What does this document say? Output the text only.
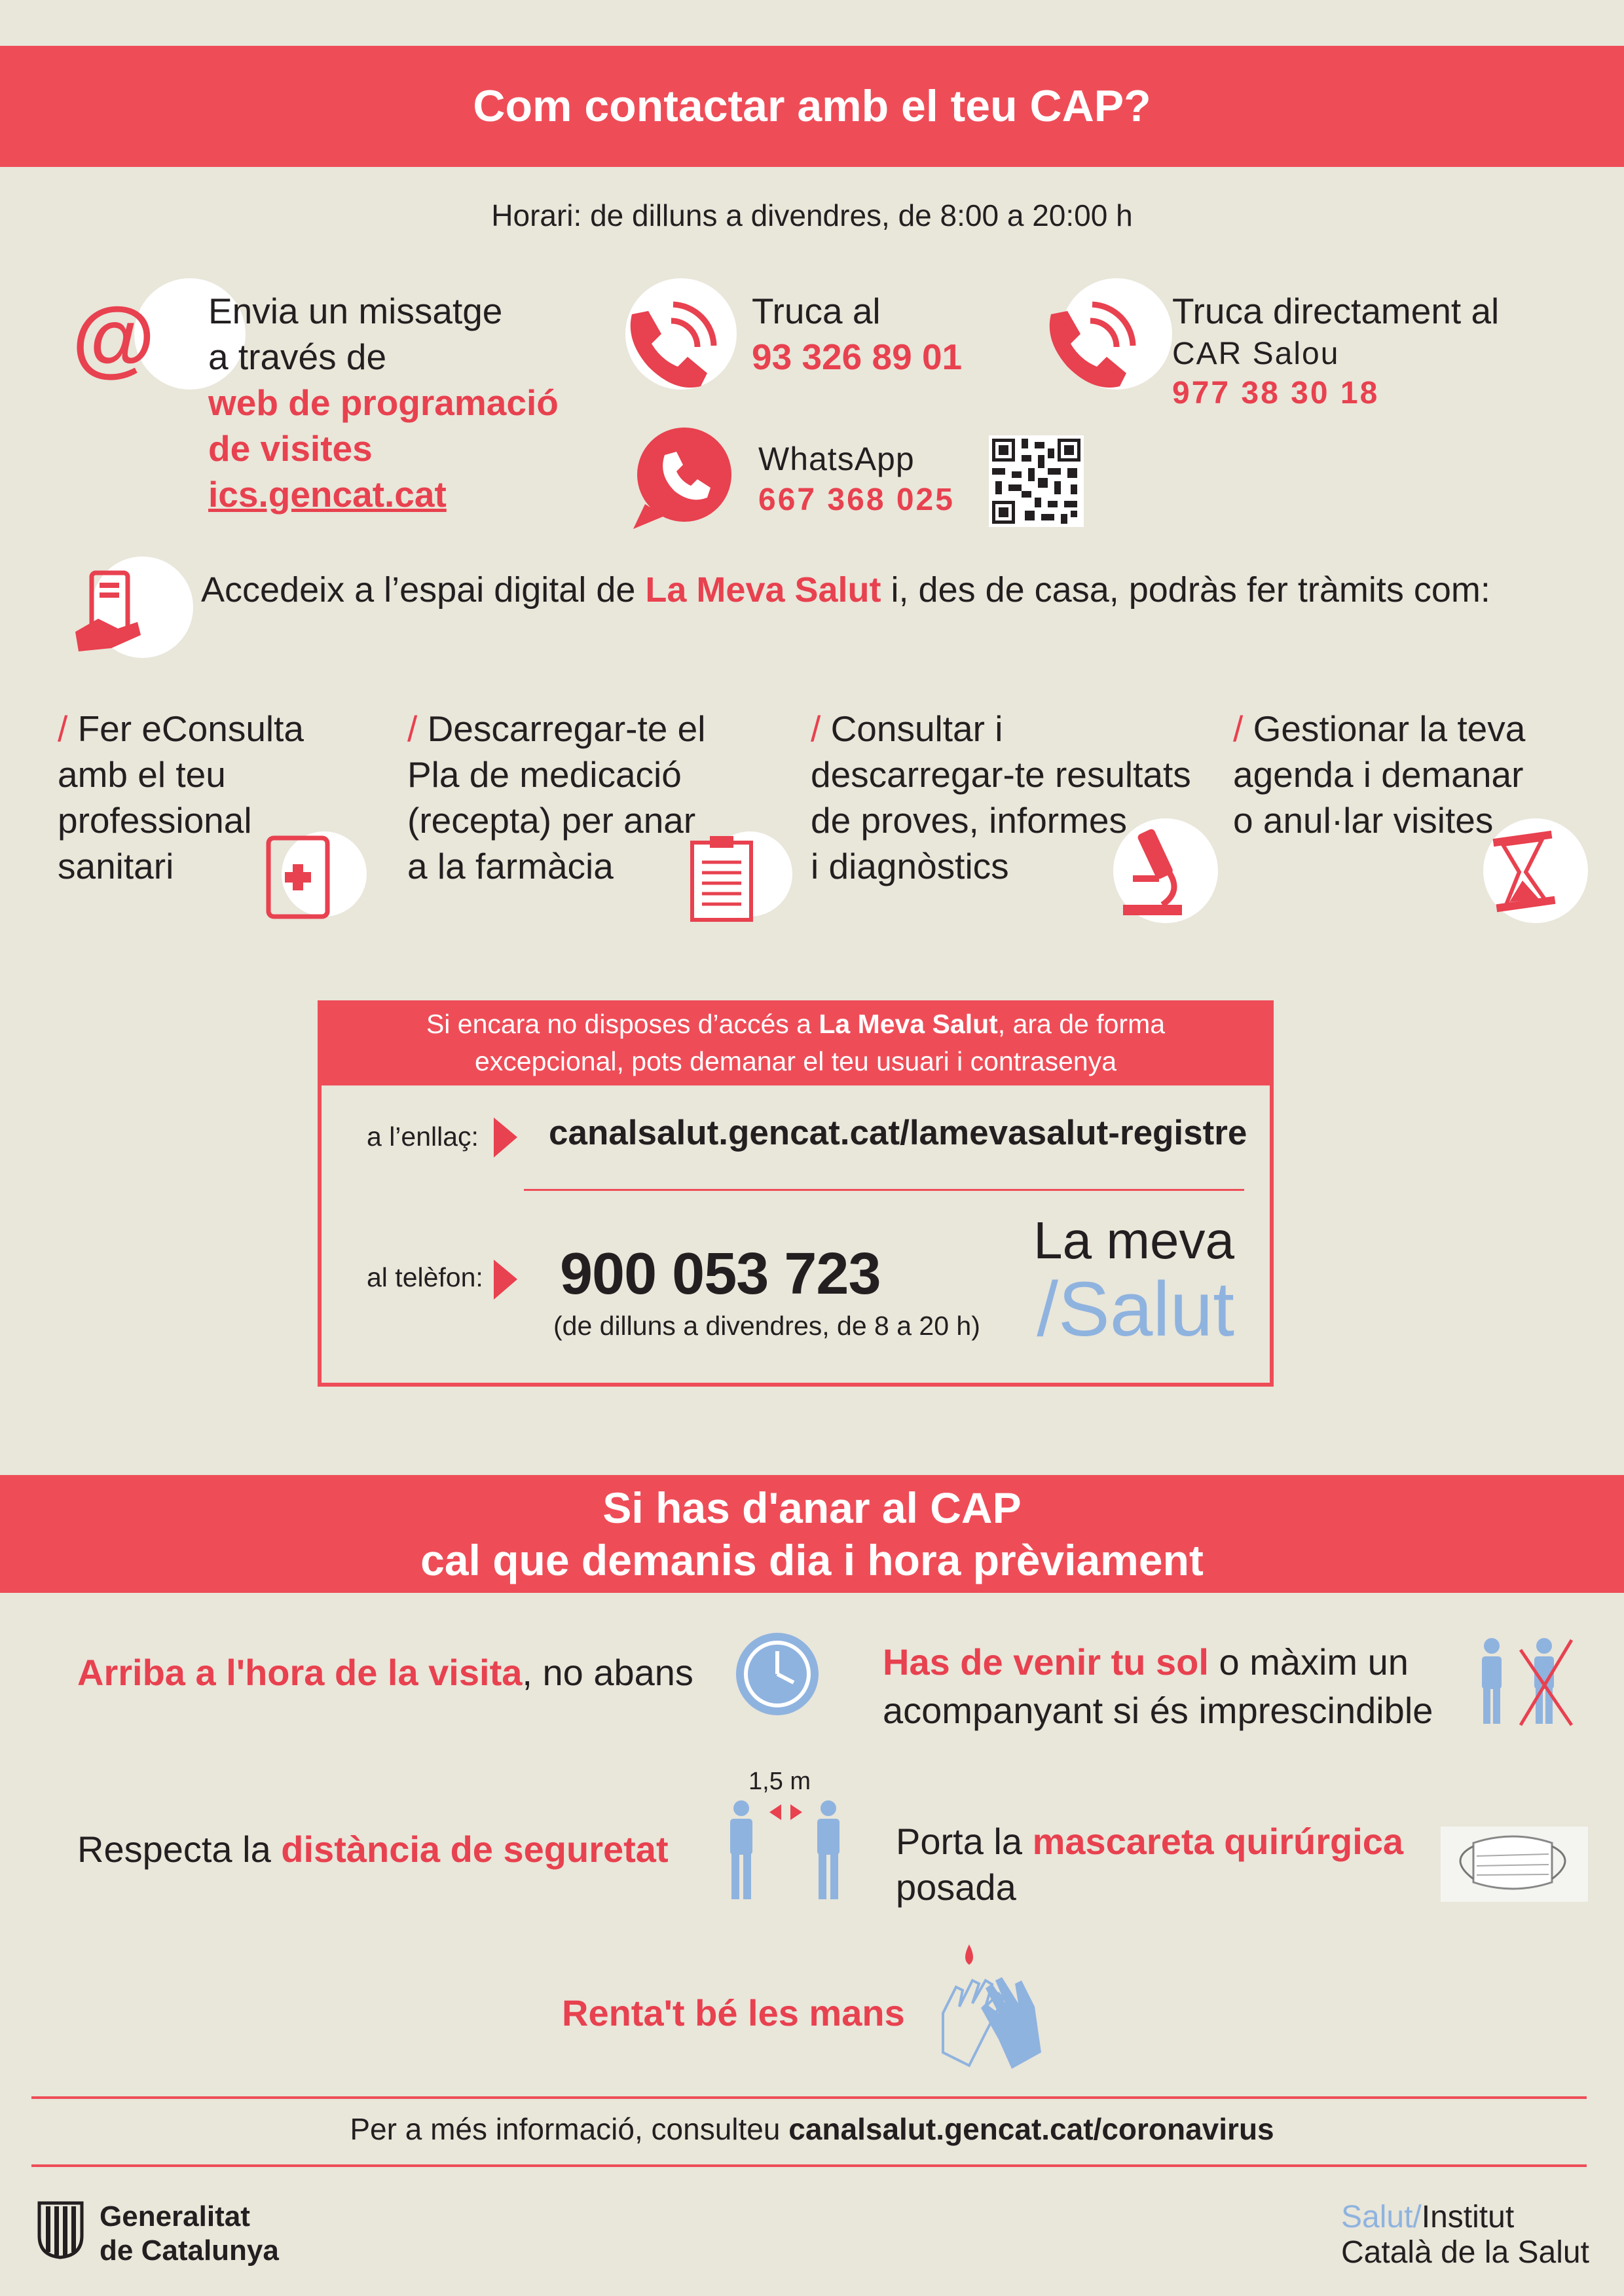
Com contactar amb el teu CAP?
Horari: de dilluns a divendres, de 8:00 a 20:00 h
@ Envia un missatge
a través de
web de programació
de visites
ics.gencat.cat
Truca al
93 326 89 01
Truca directament al
CAR Salou
977 38 30 18
WhatsApp
667 368 025
Accedeix a l’espai digital de La Meva Salut i, des de casa, podràs fer tràmits com:
/ Fer eConsulta
amb el teu
professional
sanitari
/ Descarregar-te el
Pla de medicació
(recepta) per anar
a la farmàcia
/ Consultar i
descarregar-te resultats
de proves, informes
i diagnòstics
/ Gestionar la teva
agenda i demanar
o anul·lar visites
Si encara no disposes d’accés a La Meva Salut, ara de forma
excepcional, pots demanar el teu usuari i contrasenya
a l’enllaç: canalsalut.gencat.cat/lamevasalut-registre
al telèfon: 900 053 723
(de dilluns a divendres, de 8 a 20 h)
La meva
/Salut
Si has d'anar al CAP
cal que demanis dia i hora prèviament
Arriba a l'hora de la visita, no abans	Has de venir tu sol o màxim un
acompanyant si és imprescindible
Respecta la distància de seguretat
1,5 m
Porta la mascareta quirúrgica
posada
Renta't bé les mans
Per a més informació, consulteu canalsalut.gencat.cat/coronavirus
Generalitat
de Catalunya
Salut/Institut
Català de la Salut
